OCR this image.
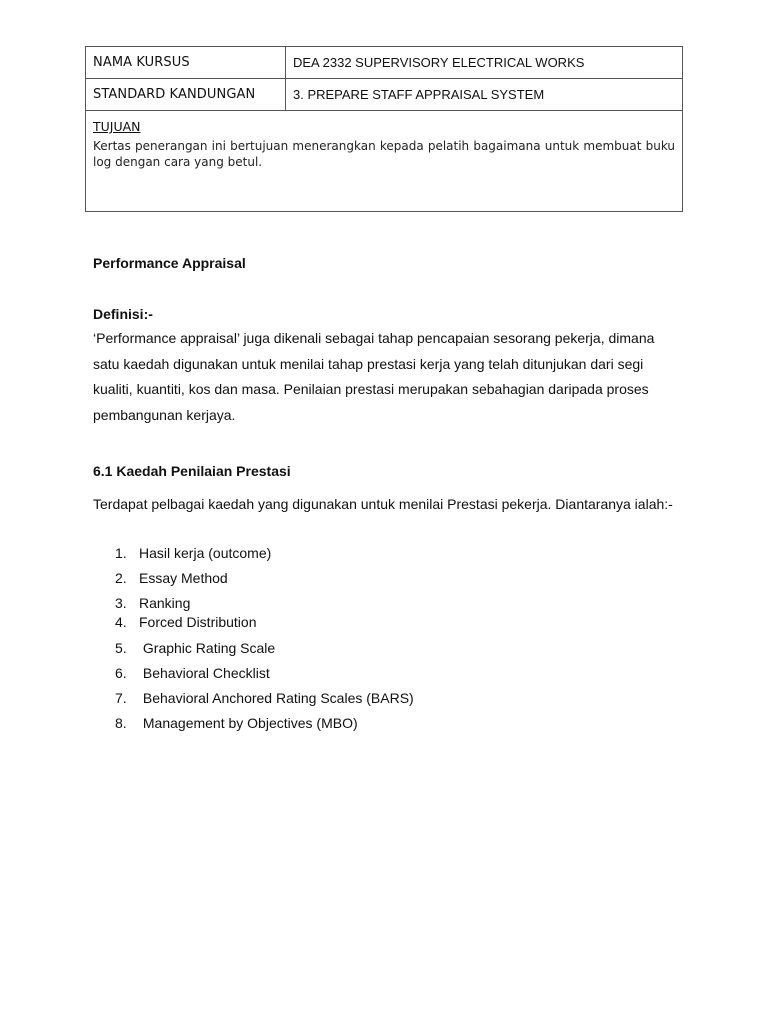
NAMA KURSUS	DEA 2332 SUPERVISORY ELECTRICAL WORKS
STANDARD KANDUNGAN	3. PREPARE STAFF APPRAISAL SYSTEM

TUJUAN
Kertas penerangan ini bertujuan menerangkan kepada pelatih bagaimana untuk membuat buku log dengan cara yang betul.	
Performance Appraisal
Definisi:-
‘Performance appraisal’ juga dikenali sebagai tahap pencapaian sesorang pekerja, dimana satu kaedah digunakan untuk menilai tahap prestasi kerja yang telah ditunjukan dari segi kualiti, kuantiti, kos dan masa. Penilaian prestasi merupakan sebahagian daripada proses pembangunan kerjaya.
6.1 Kaedah Penilaian Prestasi
Terdapat pelbagai kaedah yang digunakan untuk menilai Prestasi pekerja. Diantaranya ialah:-
1. Hasil kerja (outcome)
2. Essay Method
3. Ranking
4. Forced Distribution
5. Graphic Rating Scale
6. Behavioral Checklist
7. Behavioral Anchored Rating Scales (BARS)
8. Management by Objectives (MBO)
